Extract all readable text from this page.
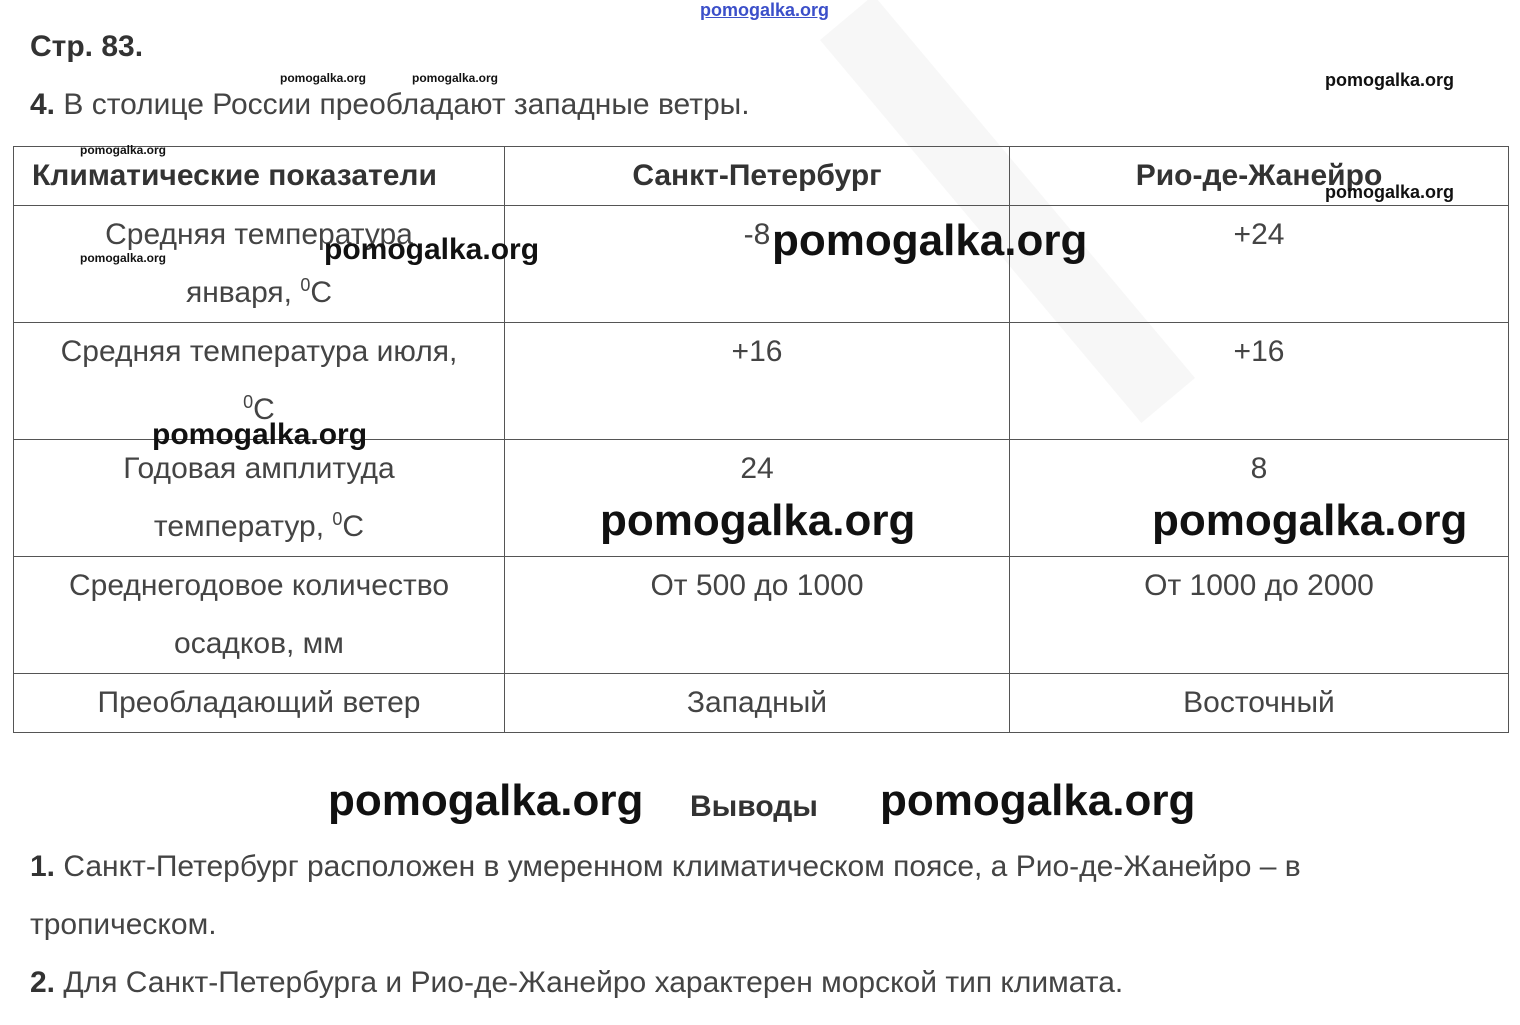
pomogalka.org
Стр. 83.
4. В столице России преобладают западные ветры.
Климатические показатели	Санкт-Петербург	Рио-де-Жанейро
Средняя температура
января, $^0$С	-8	+24
Средняя температура июля,
$^0$С	+16	+16
Годовая амплитуда
температур, $^0$С	24	8
Среднегодовое количество
осадков, мм	От 500 до 1000	От 1000 до 2000
Преобладающий ветер	Западный	Восточный
Выводы
1. Санкт-Петербург расположен в умеренном климатическом поясе, а Рио-де-Жанейро – в
тропическом.
2. Для Санкт-Петербурга и Рио-де-Жанейро характерен морской тип климата.
pomogalka.org	pomogalka.org	pomogalka.org
pomogalka.org
pomogalka.org
pomogalka.org	pomogalka.org	pomogalka.org
pomogalka.org
pomogalka.org	pomogalka.org
pomogalka.org	pomogalka.org
